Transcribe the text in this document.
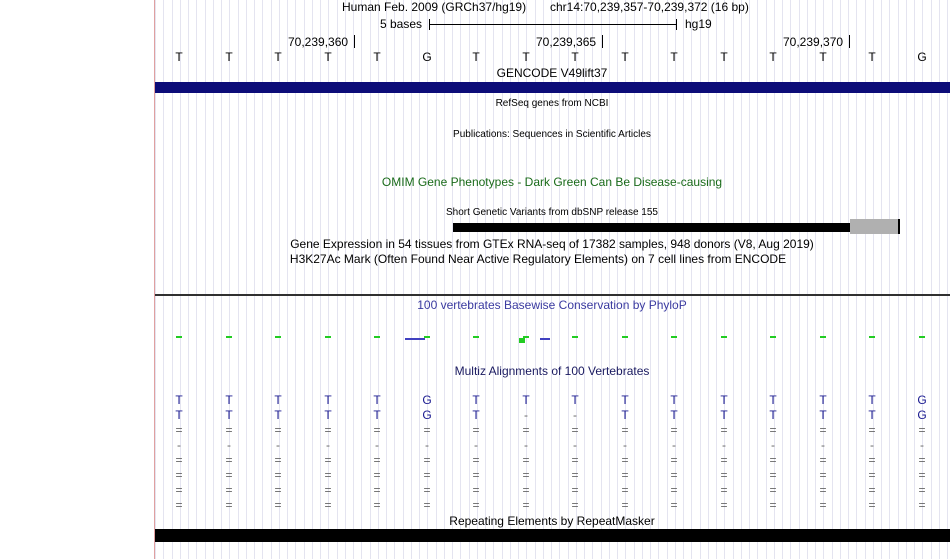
Human Feb. 2009 (GRCh37/hg19) chr14:70,239,357-70,239,372 (16 bp)
5 bases	hg19
70,239,360	70,239,365	70,239,370
T	T	T	T	T	G	T	T	T	T	T	T	T	T	T	G
GENCODE V49lift37
RefSeq genes from NCBI
Publications: Sequences in Scientific Articles
OMIM Gene Phenotypes - Dark Green Can Be Disease-causing
Short Genetic Variants from dbSNP release 155
Gene Expression in 54 tissues from GTEx RNA-seq of 17382 samples, 948 donors (V8, Aug 2019)
H3K27Ac Mark (Often Found Near Active Regulatory Elements) on 7 cell lines from ENCODE
100 vertebrates Basewise Conservation by PhyloP
Multiz Alignments of 100 Vertebrates
T	T	T	T	T	G	T	T	T	T	T	T	T	T	T	G
T	T	T	T	T	G	T	-	-	T	T	T	T	T	T	G
=	=	=	=	=	=	=	=	=	=	=	=	=	=	=	=
-	-	-	-	-	-	-	-	-	-	-	-	-	-	-	-
=	=	=	=	=	=	=	=	=	=	=	=	=	=	=	=
=	=	=	=	=	=	=	=	=	=	=	=	=	=	=	=
=	=	=	=	=	=	=	=	=	=	=	=	=	=	=	=
=	=	=	=	=	=	=	=	=	=	=	=	=	=	=	=
Repeating Elements by RepeatMasker
